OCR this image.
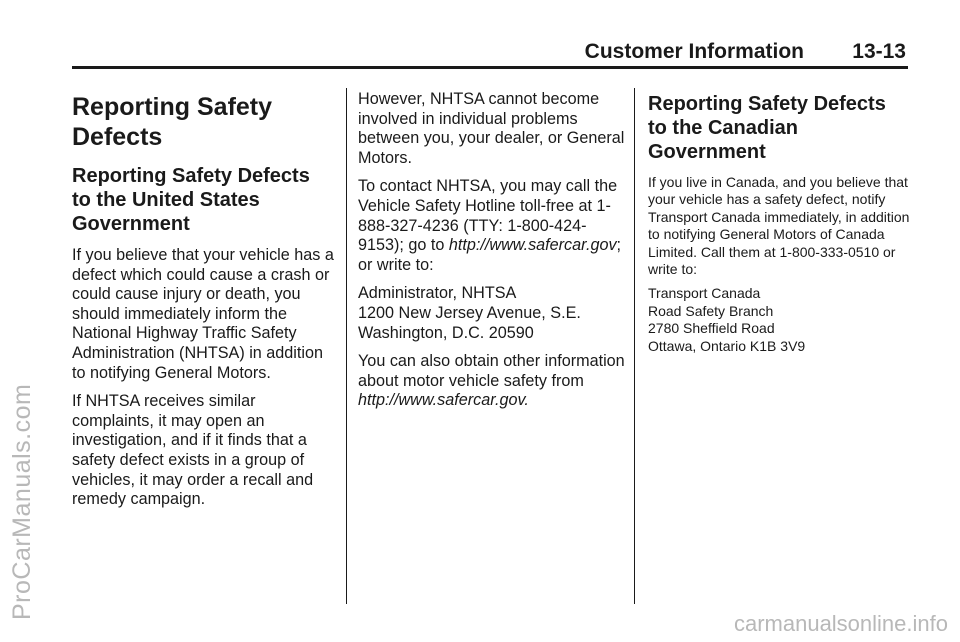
Customer Information 13-13
ProCarManuals.com
carmanualsonline.info
Reporting Safety Defects
Reporting Safety Defects to the United States Government

If you believe that your vehicle has a defect which could cause a crash or could cause injury or death, you should immediately inform the National Highway Traffic Safety Administration (NHTSA) in addition to notifying General Motors.

If NHTSA receives similar complaints, it may open an investigation, and if it finds that a safety defect exists in a group of vehicles, it may order a recall and remedy campaign.

However, NHTSA cannot become involved in individual problems between you, your dealer, or General Motors.

To contact NHTSA, you may call the Vehicle Safety Hotline toll-free at 1-888-327-4236 (TTY: 1-800-424-9153); go to http://www.safercar.gov; or write to:

Administrator, NHTSA
1200 New Jersey Avenue, S.E.
Washington, D.C. 20590

You can also obtain other information about motor vehicle safety from http://www.safercar.gov.

Reporting Safety Defects to the Canadian Government

If you live in Canada, and you believe that your vehicle has a safety defect, notify Transport Canada immediately, in addition to notifying General Motors of Canada Limited. Call them at 1-800-333-0510 or write to:

Transport Canada
Road Safety Branch
2780 Sheffield Road
Ottawa, Ontario K1B 3V9
